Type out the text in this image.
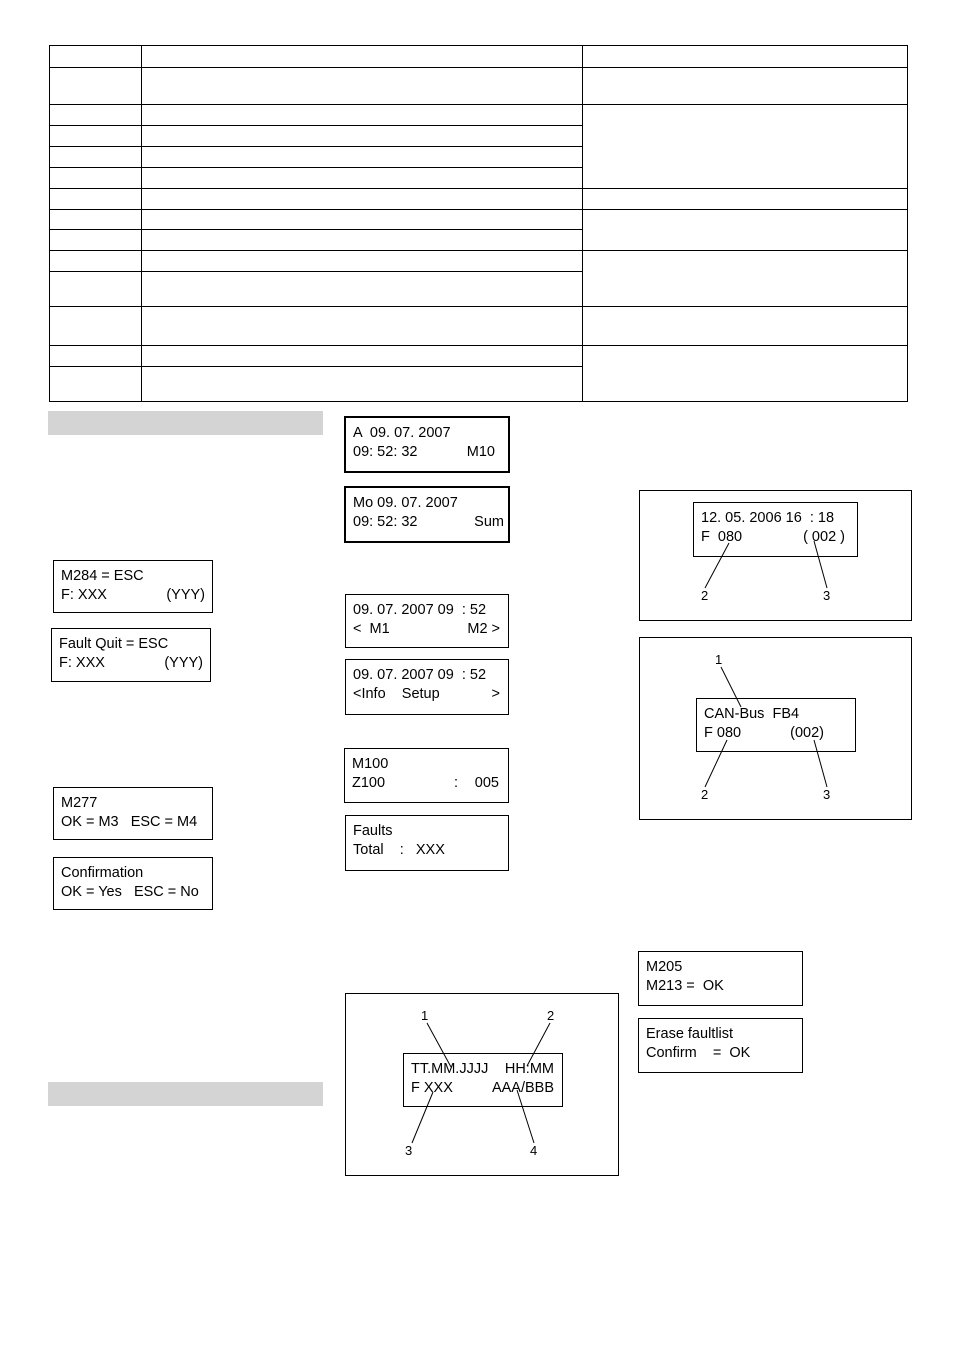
M284 = ESC
F: XXX	(YYY)
Fault Quit = ESC
F: XXX	(YYY)
M277
OK = M3   ESC = M4
Confirmation
OK = Yes   ESC = No
A  09. 07. 2007
09: 52: 32	M10
Mo 09. 07. 2007
09: 52: 32	Sum
09. 07. 2007 09  : 52
<  M1	M2 >
09. 07. 2007 09  : 52
<Info    Setup	>
M100
Z100	: 005
Faults
Total    :   XXX
TT.MM.JJJJ HH:MM
F XXX	AAA/BBB
1	2
3	4
12. 05. 2006 16  : 18
F  080	( 002 )
2	3
CAN-Bus  FB4
F 080	(002)
1
2	3
M205
M213 =  OK
Erase faultlist
Confirm    =  OK
